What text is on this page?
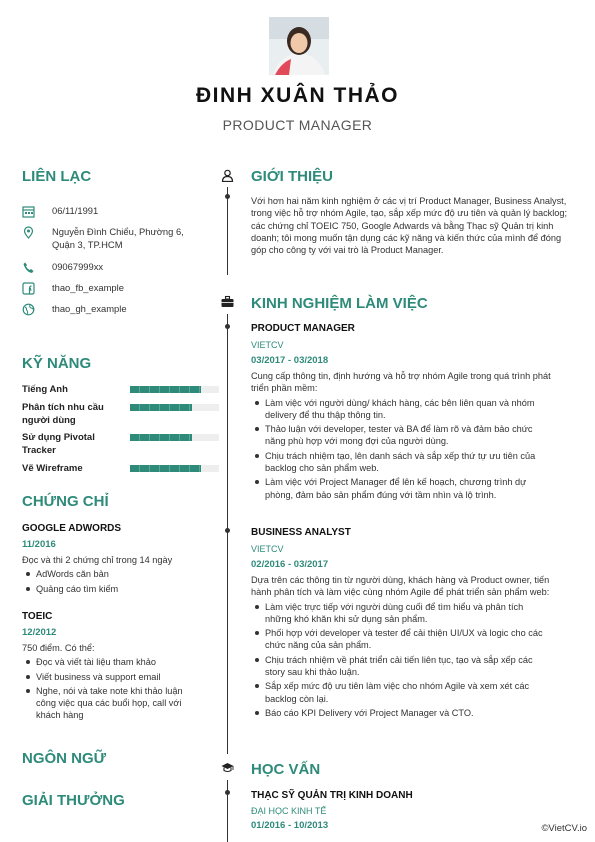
ĐINH XUÂN THẢO
PRODUCT MANAGER
LIÊN LẠC
06/11/1991
Nguyễn Đình Chiểu, Phường 6, Quận 3, TP.HCM
09067999xx
thao_fb_example
thao_gh_example
KỸ NĂNG
Tiếng Anh
Phân tích nhu cầu người dùng
Sử dụng Pivotal Tracker
Vẽ Wireframe
CHỨNG CHỈ
GOOGLE ADWORDS
11/2016
Đọc và thi 2 chứng chỉ trong 14 ngày
AdWords căn bản
Quảng cáo tìm kiếm
TOEIC
12/2012
750 điểm. Có thể:
Đọc và viết tài liệu tham khảo
Viết business và support email
Nghe, nói và take note khi thảo luận công việc qua các buổi họp, call với khách hàng
NGÔN NGỮ
GIẢI THƯỞNG
GIỚI THIỆU
Với hơn hai năm kinh nghiệm ở các vị trí Product Manager, Business Analyst, trong việc hỗ trợ nhóm Agile, tạo, sắp xếp mức độ ưu tiên và quản lý backlog; các chứng chỉ TOEIC 750, Google Adwards và bằng Thạc sỹ Quản trị kinh doanh; tôi mong muốn tận dụng các kỹ năng và kiến thức của mình để đóng góp cho công ty với vai trò là Product Manager.
KINH NGHIỆM LÀM VIỆC
PRODUCT MANAGER
VIETCV
03/2017 - 03/2018
Cung cấp thông tin, định hướng và hỗ trợ nhóm Agile trong quá trình phát triển phần mềm:
Làm việc với người dùng/ khách hàng, các bên liên quan và nhóm delivery để thu thập thông tin.
Thảo luận với developer, tester và BA để làm rõ và đảm bảo chức năng phù hợp với mong đợi của người dùng.
Chịu trách nhiệm tạo, lên danh sách và sắp xếp thứ tự ưu tiên của backlog cho sản phẩm web.
Làm việc với Project Manager để lên kế hoạch, chương trình dự phòng, đảm bảo sản phẩm đúng với tầm nhìn và lộ trình.
BUSINESS ANALYST
VIETCV
02/2016 - 03/2017
Dựa trên các thông tin từ người dùng, khách hàng và Product owner, tiến hành phân tích và làm việc cùng nhóm Agile để phát triển sản phẩm web:
Làm việc trực tiếp với người dùng cuối để tìm hiểu và phân tích những khó khăn khi sử dụng sản phẩm.
Phối hợp với developer và tester để cải thiện UI/UX và logic cho các chức năng của sản phẩm.
Chịu trách nhiệm về phát triển cải tiến liên tục, tạo và sắp xếp các story sau khi thảo luận.
Sắp xếp mức độ ưu tiên làm việc cho nhóm Agile và xem xét các backlog còn lại.
Báo cáo KPI Delivery với Project Manager và CTO.
HỌC VẤN
THẠC SỸ QUẢN TRỊ KINH DOANH
ĐẠI HỌC KINH TẾ
01/2016 - 10/2013	©VietCV.io
